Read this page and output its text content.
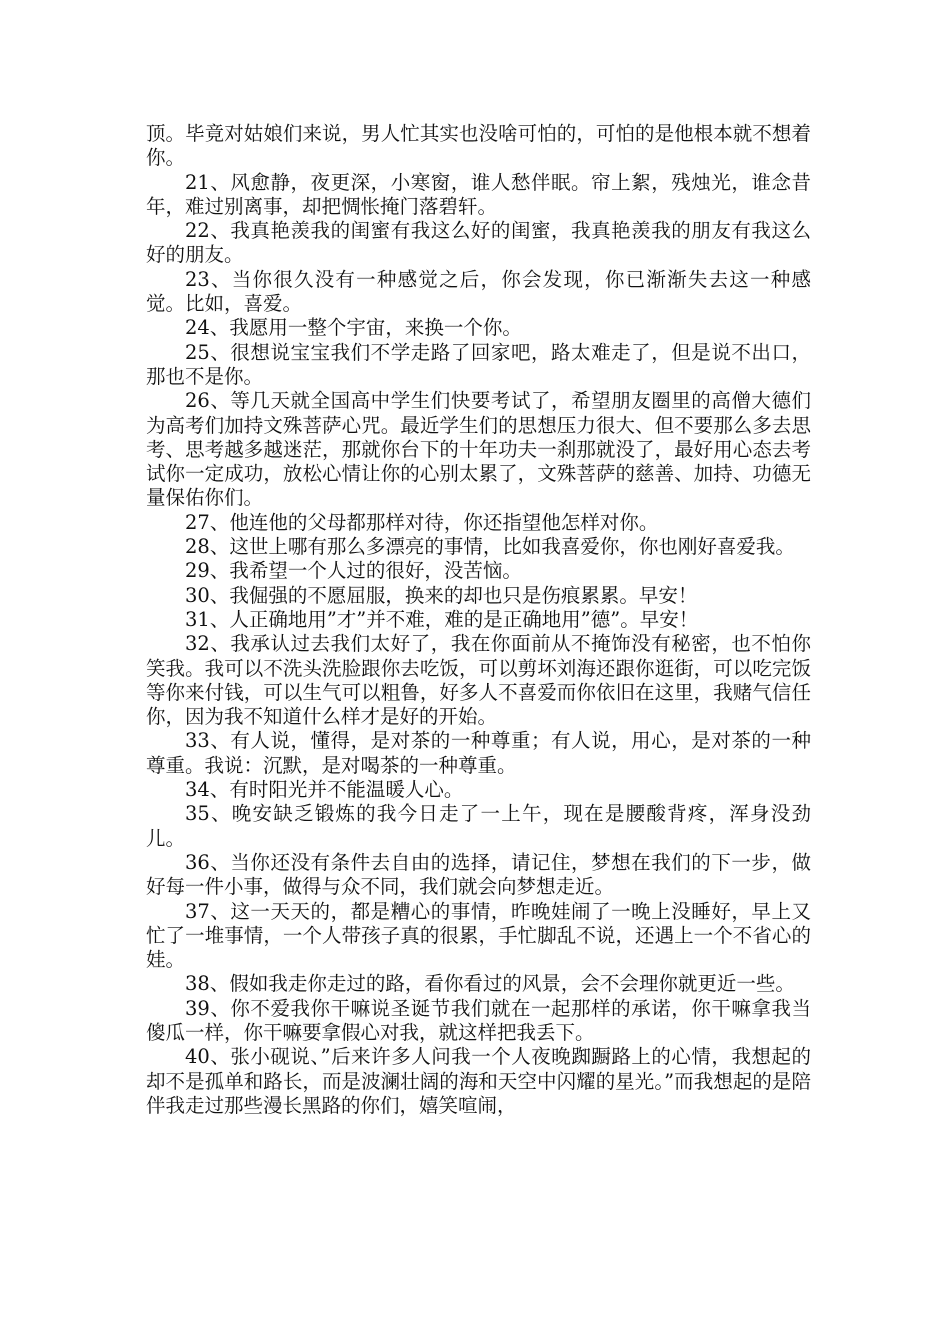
顶。毕竟对姑娘们来说，男人忙其实也没啥可怕的，可怕的是他根本就不想着你。

21、风愈静，夜更深，小寒窗，谁人愁伴眠。帘上絮，残烛光，谁念昔年，难过别离事，却把惆怅掩门落碧轩。

22、我真艳羡我的闺蜜有我这么好的闺蜜，我真艳羡我的朋友有我这么好的朋友。

23、当你很久没有一种感觉之后，你会发现，你已渐渐失去这一种感觉。比如，喜爱。

24、我愿用一整个宇宙，来换一个你。

25、很想说宝宝我们不学走路了回家吧，路太难走了，但是说不出口，那也不是你。

26、等几天就全国高中学生们快要考试了，希望朋友圈里的高僧大德们为高考们加持文殊菩萨心咒。最近学生们的思想压力很大、但不要那么多去思考、思考越多越迷茫，那就你台下的十年功夫一刹那就没了，最好用心态去考试你一定成功，放松心情让你的心别太累了，文殊菩萨的慈善、加持、功德无量保佑你们。

27、他连他的父母都那样对待，你还指望他怎样对你。

28、这世上哪有那么多漂亮的事情，比如我喜爱你，你也刚好喜爱我。

29、我希望一个人过的很好，没苦恼。

30、我倔强的不愿屈服，换来的却也只是伤痕累累。早安！

31、人正确地用”才”并不难，难的是正确地用”德”。早安！

32、我承认过去我们太好了，我在你面前从不掩饰没有秘密，也不怕你笑我。我可以不洗头洗脸跟你去吃饭，可以剪坏刘海还跟你逛街，可以吃完饭等你来付钱，可以生气可以粗鲁，好多人不喜爱而你依旧在这里，我赌气信任你，因为我不知道什么样才是好的开始。

33、有人说，懂得，是对茶的一种尊重；有人说，用心，是对茶的一种尊重。我说：沉默，是对喝茶的一种尊重。

34、有时阳光并不能温暖人心。

35、晚安缺乏锻炼的我今日走了一上午，现在是腰酸背疼，浑身没劲儿。

36、当你还没有条件去自由的选择，请记住，梦想在我们的下一步，做好每一件小事，做得与众不同，我们就会向梦想走近。

37、这一天天的，都是糟心的事情，昨晚娃闹了一晚上没睡好，早上又忙了一堆事情，一个人带孩子真的很累，手忙脚乱不说，还遇上一个不省心的娃。

38、假如我走你走过的路，看你看过的风景，会不会理你就更近一些。

39、你不爱我你干嘛说圣诞节我们就在一起那样的承诺，你干嘛拿我当傻瓜一样，你干嘛要拿假心对我，就这样把我丢下。

40、张小砚说、”后来许多人问我一个人夜晚踟蹰路上的心情，我想起的却不是孤单和路长，而是波澜壮阔的海和天空中闪耀的星光。”而我想起的是陪伴我走过那些漫长黑路的你们，嬉笑喧闹，
